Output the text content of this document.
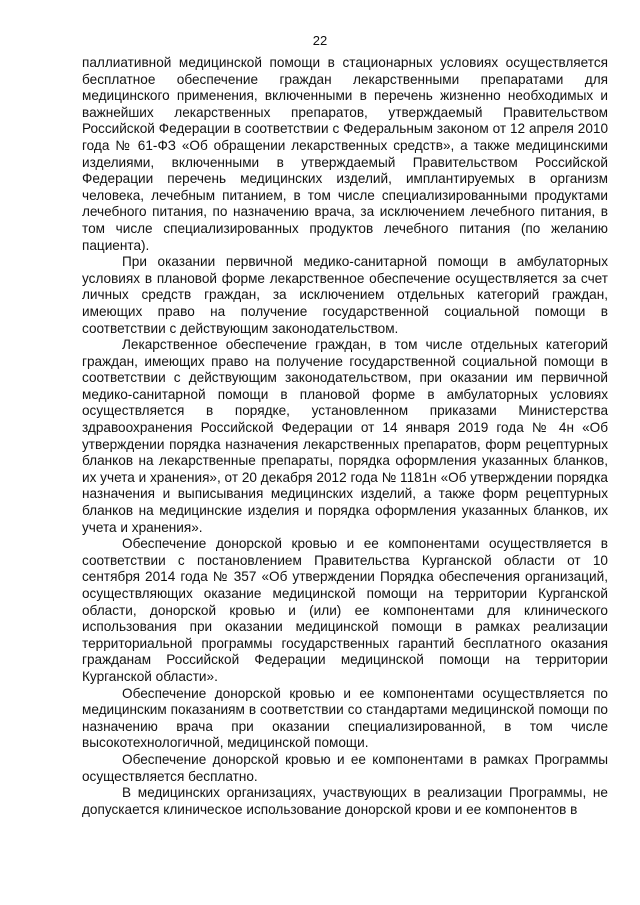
22

паллиативной медицинской помощи в стационарных условиях осуществляется бесплатное обеспечение граждан лекарственными препаратами для медицинского применения, включенными в перечень жизненно необходимых и важнейших лекарственных препаратов, утверждаемый Правительством Российской Федерации в соответствии с Федеральным законом от 12 апреля 2010 года № 61-ФЗ «Об обращении лекарственных средств», а также медицинскими изделиями, включенными в утверждаемый Правительством Российской Федерации перечень медицинских изделий, имплантируемых в организм человека, лечебным питанием, в том числе специализированными продуктами лечебного питания, по назначению врача, за исключением лечебного питания, в том числе специализированных продуктов лечебного питания (по желанию пациента).

При оказании первичной медико-санитарной помощи в амбулаторных условиях в плановой форме лекарственное обеспечение осуществляется за счет личных средств граждан, за исключением отдельных категорий граждан, имеющих право на получение государственной социальной помощи в соответствии с действующим законодательством.

Лекарственное обеспечение граждан, в том числе отдельных категорий граждан, имеющих право на получение государственной социальной помощи в соответствии с действующим законодательством, при оказании им первичной медико-санитарной помощи в плановой форме в амбулаторных условиях осуществляется в порядке, установленном приказами Министерства здравоохранения Российской Федерации от 14 января 2019 года № 4н «Об утверждении порядка назначения лекарственных препаратов, форм рецептурных бланков на лекарственные препараты, порядка оформления указанных бланков, их учета и хранения», от 20 декабря 2012 года № 1181н «Об утверждении порядка назначения и выписывания медицинских изделий, а также форм рецептурных бланков на медицинские изделия и порядка оформления указанных бланков, их учета и хранения».

Обеспечение донорской кровью и ее компонентами осуществляется в соответствии с постановлением Правительства Курганской области от 10 сентября 2014 года № 357 «Об утверждении Порядка обеспечения организаций, осуществляющих оказание медицинской помощи на территории Курганской области, донорской кровью и (или) ее компонентами для клинического использования при оказании медицинской помощи в рамках реализации территориальной программы государственных гарантий бесплатного оказания гражданам Российской Федерации медицинской помощи на территории Курганской области».

Обеспечение донорской кровью и ее компонентами осуществляется по медицинским показаниям в соответствии со стандартами медицинской помощи по назначению врача при оказании специализированной, в том числе высокотехнологичной, медицинской помощи.

Обеспечение донорской кровью и ее компонентами в рамках Программы осуществляется бесплатно.

В медицинских организациях, участвующих в реализации Программы, не допускается клиническое использование донорской крови и ее компонентов в
